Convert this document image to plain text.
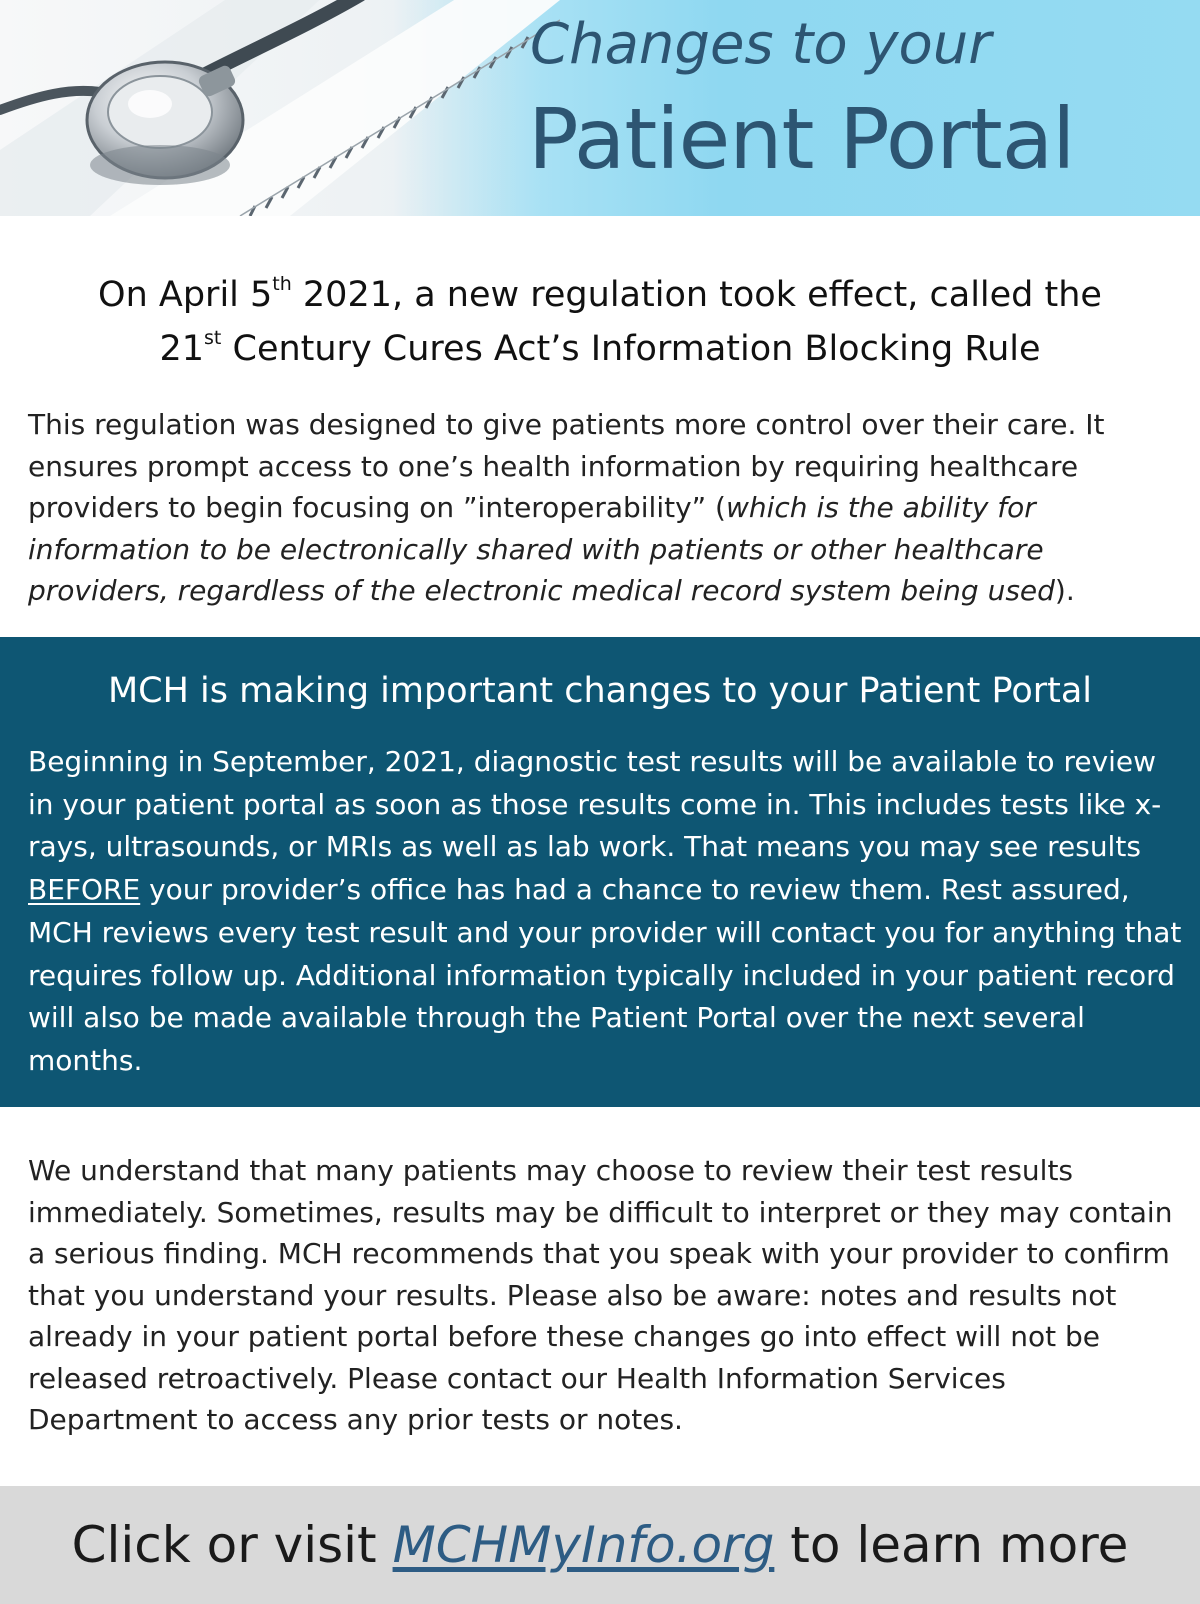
Changes to your
Patient Portal
On April 5th 2021, a new regulation took effect, called the
21st Century Cures Act’s Information Blocking Rule

This regulation was designed to give patients more control over their care. It ensures prompt access to one’s health information by requiring healthcare providers to begin focusing on ”interoperability” (which is the ability for information to be electronically shared with patients or other healthcare providers, regardless of the electronic medical record system being used).

MCH is making important changes to your Patient Portal

Beginning in September, 2021, diagnostic test results will be available to review in your patient portal as soon as those results come in. This includes tests like x-rays, ultrasounds, or MRIs as well as lab work. That means you may see results BEFORE your provider’s office has had a chance to review them. Rest assured, MCH reviews every test result and your provider will contact you for anything that requires follow up. Additional information typically included in your patient record will also be made available through the Patient Portal over the next several months.

We understand that many patients may choose to review their test results immediately. Sometimes, results may be difficult to interpret or they may contain a serious finding. MCH recommends that you speak with your provider to confirm that you understand your results. Please also be aware: notes and results not already in your patient portal before these changes go into effect will not be released retroactively. Please contact our Health Information Services Department to access any prior tests or notes.

Click or visit MCHMyInfo.org to learn more
